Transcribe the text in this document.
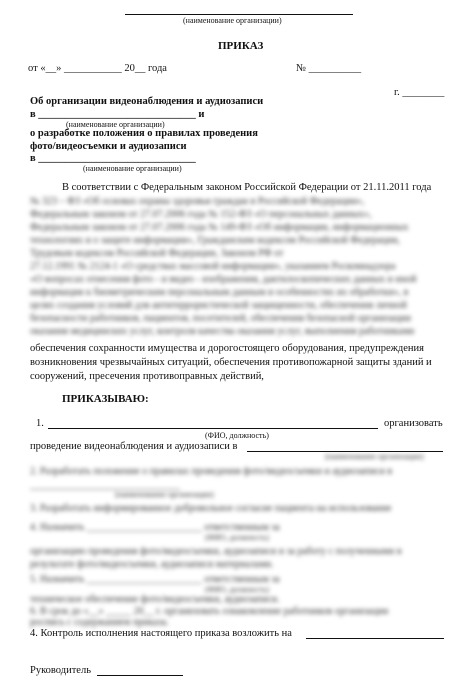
(наименование организации)
ПРИКАЗ
от «__» ___________ 20__ года	№ __________
г. ________
Об организации видеонаблюдения и аудиозаписи
в ______________________________ и
(наименование организации)
о разработке положения о правилах проведения
фото/видеосъемки и аудиозаписи
в ______________________________
(наименование организации)
В соответствии с Федеральным законом Российской Федерации от 21.11.2011 года
№ 323 – ФЗ «Об основах охраны здоровья граждан в Российской Федерации»,
Федеральным законом от 27.07.2006 года № 152-ФЗ «О персональных данных»,
Федеральным законом от 27.07.2006 года № 149-ФЗ «Об информации, информационных
технологиях и о защите информации», Гражданским кодексом Российской Федерации,
Трудовым кодексом Российской Федерации, Законом РФ от
27.12.1991 № 2124-1 «О средствах массовой информации», указанием Роскомнадзора
«О вопросах отнесения фото - и видео - изображения, дактилоскопических данных и иной
информации к биометрическим персональным данным и особенностях их обработки», в
целях создания условий для антитеррористической защищенности, обеспечения личной
безопасности работников, пациентов, посетителей, обеспечения безопасной организации
оказания медицинских услуг, контроля качества оказания услуг, выполнения работниками
обеспечения сохранности имущества и дорогостоящего оборудования, предупреждения
возникновения чрезвычайных ситуаций, обеспечения противопожарной защиты зданий и
сооружений, пресечения противоправных действий,
ПРИКАЗЫВАЮ:
1.	организовать
(ФИО, должность)
проведение видеонаблюдения и аудиозаписи в
(наименование организации)
2. Разработать положение о правилах проведения фото/видеосъемки и аудиозаписи в
______________________________
(наименование организации)
3. Разработать информированное добровольное согласие пациента на использование
4. Назначить _______________________ ответственным за
(ФИО, должность)
организацию проведения фото/видеосъемки, аудиозаписи и за работу с полученными в
результате фото/видеосъемки, аудиозаписи материалами.
5. Назначить _______________________ ответственным за
(ФИО, должность)
техническое обеспечение фото/видеосъемки, аудиозаписи.
6. В срок до «__» _____ 20__ г. организовать ознакомление работников организации
роспись с содержанием приказа.
4. Контроль исполнения настоящего приказа возложить на
Руководитель
